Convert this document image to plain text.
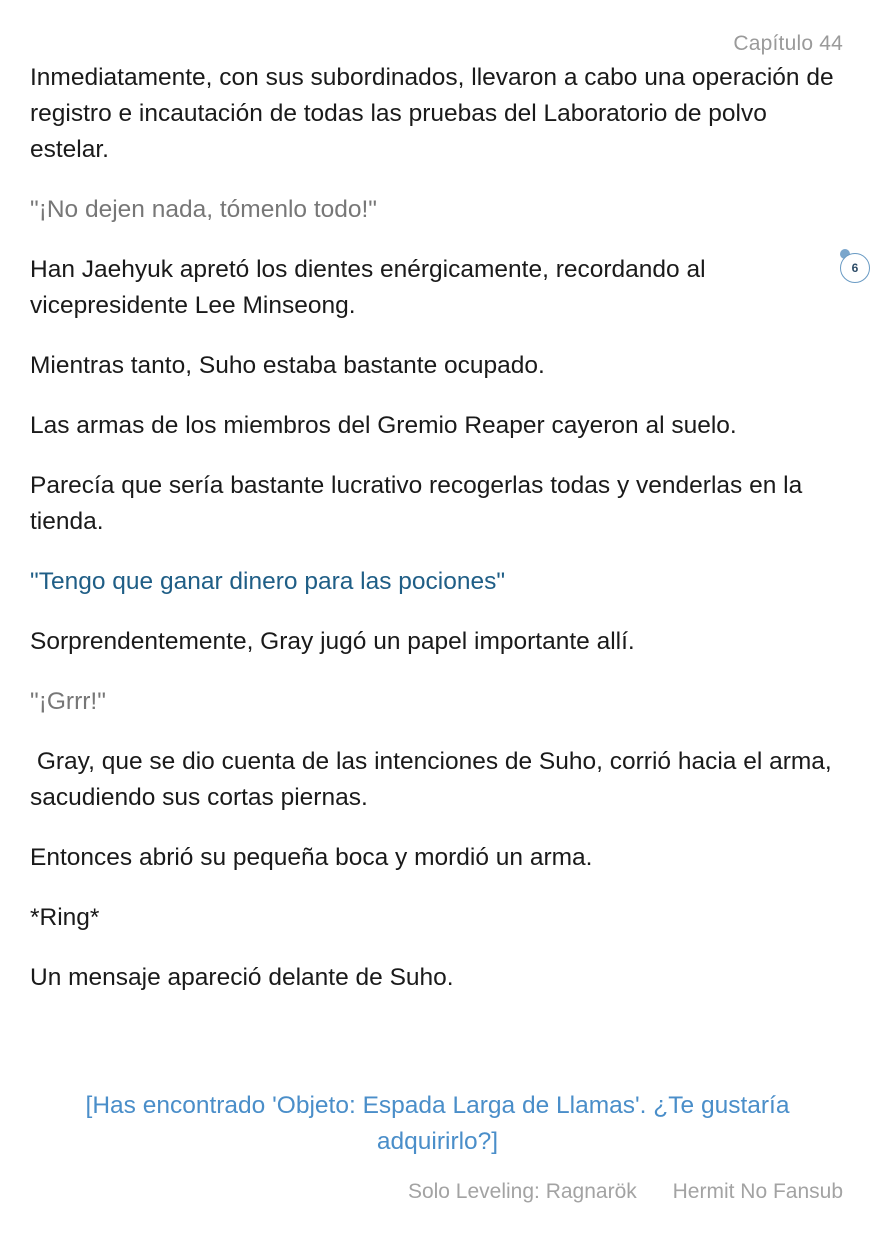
Capítulo 44

Inmediatamente, con sus subordinados, llevaron a cabo una operación de registro e incautación de todas las pruebas del Laboratorio de polvo estelar.

"¡No dejen nada, tómenlo todo!"

Han Jaehyuk apretó los dientes enérgicamente, recordando al vicepresidente Lee Minseong.

Mientras tanto, Suho estaba bastante ocupado.

Las armas de los miembros del Gremio Reaper cayeron al suelo.

Parecía que sería bastante lucrativo recogerlas todas y venderlas en la tienda.

"Tengo que ganar dinero para las pociones"

Sorprendentemente, Gray jugó un papel importante allí.

"¡Grrr!"

Gray, que se dio cuenta de las intenciones de Suho, corrió hacia el arma, sacudiendo sus cortas piernas.

Entonces abrió su pequeña boca y mordió un arma.

*Ring*

Un mensaje apareció delante de Suho.

[Has encontrado 'Objeto: Espada Larga de Llamas'. ¿Te gustaría adquirirlo?]
6
Solo Leveling: Ragnarök Hermit No Fansub
